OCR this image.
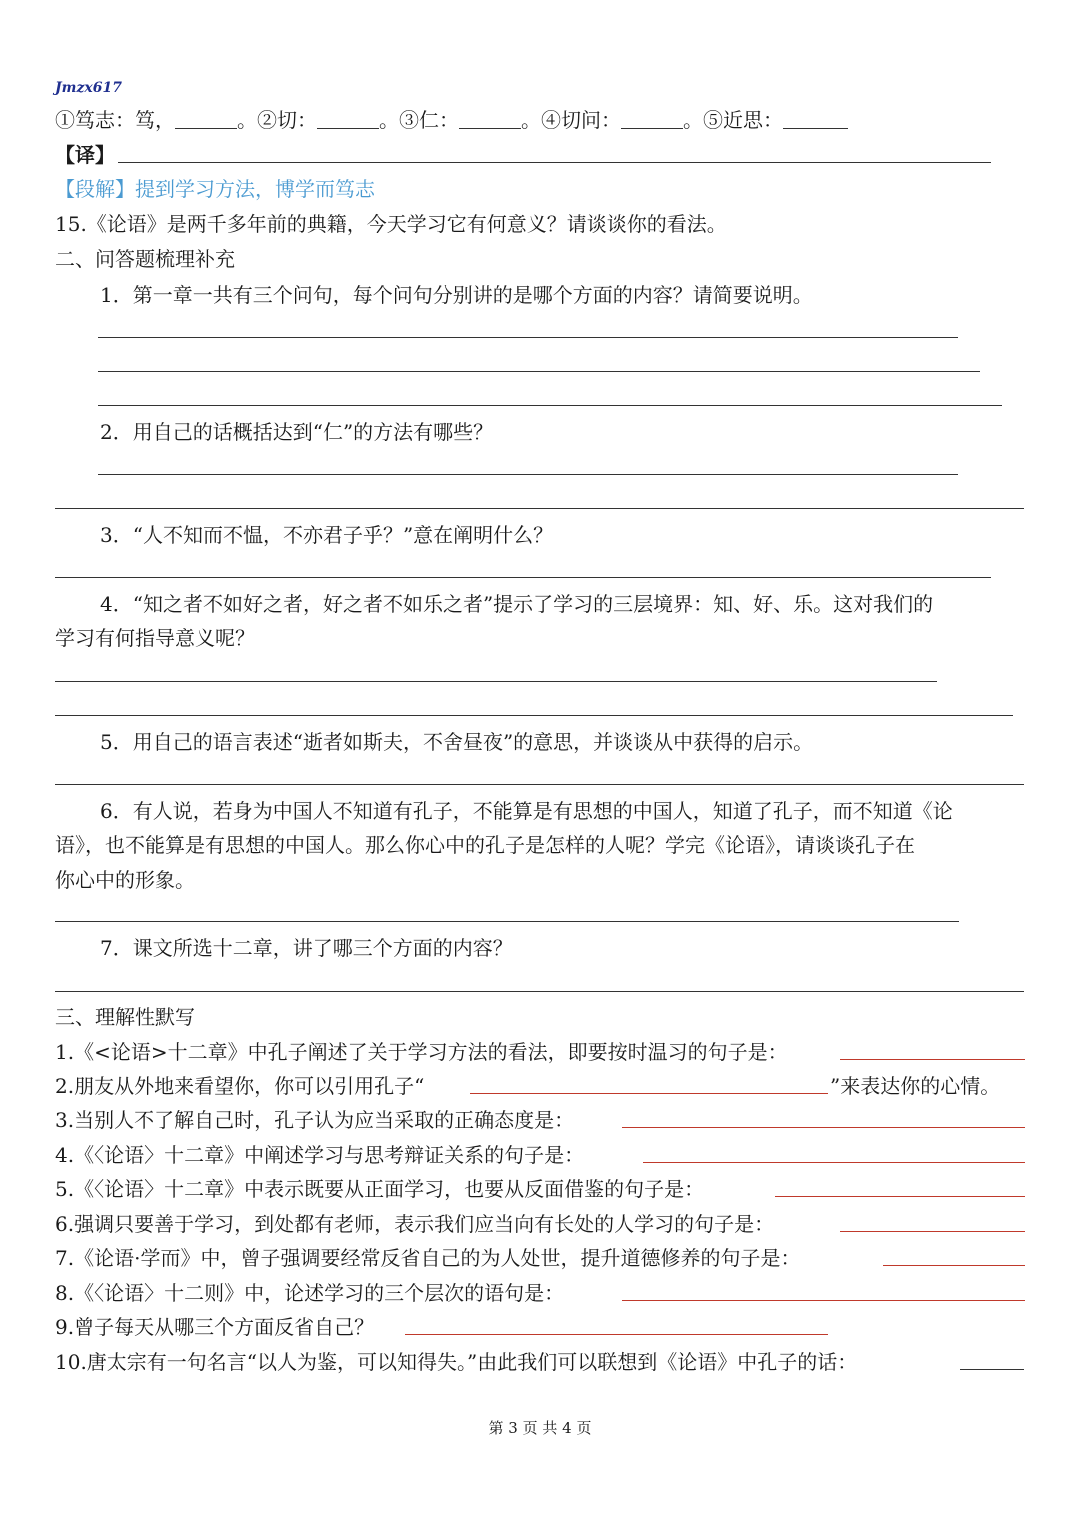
Jmzx617
①笃志：笃，	。②切：	。③仁：	。④切问：	。⑤近思：
【译】
【段解】提到学习方法，博学而笃志
15.《论语》是两千多年前的典籍，今天学习它有何意义？请谈谈你的看法。
二、问答题梳理补充
1．第一章一共有三个问句，每个问句分别讲的是哪个方面的内容？请简要说明。
2．用自己的话概括达到“仁”的方法有哪些？
3．“人不知而不愠，不亦君子乎？”意在阐明什么？
4．“知之者不如好之者，好之者不如乐之者”提示了学习的三层境界：知、好、乐。这对我们的
学习有何指导意义呢？
5．用自己的语言表述“逝者如斯夫，不舍昼夜”的意思，并谈谈从中获得的启示。
6．有人说，若身为中国人不知道有孔子，不能算是有思想的中国人，知道了孔子，而不知道《论
语》，也不能算是有思想的中国人。那么你心中的孔子是怎样的人呢？学完《论语》，请谈谈孔子在
你心中的形象。
7．课文所选十二章，讲了哪三个方面的内容？
三、理解性默写
1.《<论语>十二章》中孔子阐述了关于学习方法的看法，即要按时温习的句子是：
2.朋友从外地来看望你，你可以引用孔子“	”来表达你的心情。
3.当别人不了解自己时，孔子认为应当采取的正确态度是：
4.《〈论语〉十二章》中阐述学习与思考辩证关系的句子是：
5.《〈论语〉十二章》中表示既要从正面学习，也要从反面借鉴的句子是：
6.强调只要善于学习，到处都有老师，表示我们应当向有长处的人学习的句子是：
7.《论语·学而》中，曾子强调要经常反省自己的为人处世，提升道德修养的句子是：
8.《〈论语〉十二则》中，论述学习的三个层次的语句是：
9.曾子每天从哪三个方面反省自己？
10.唐太宗有一句名言“以人为鉴，可以知得失。”由此我们可以联想到《论语》中孔子的话：
第 3 页 共 4 页
